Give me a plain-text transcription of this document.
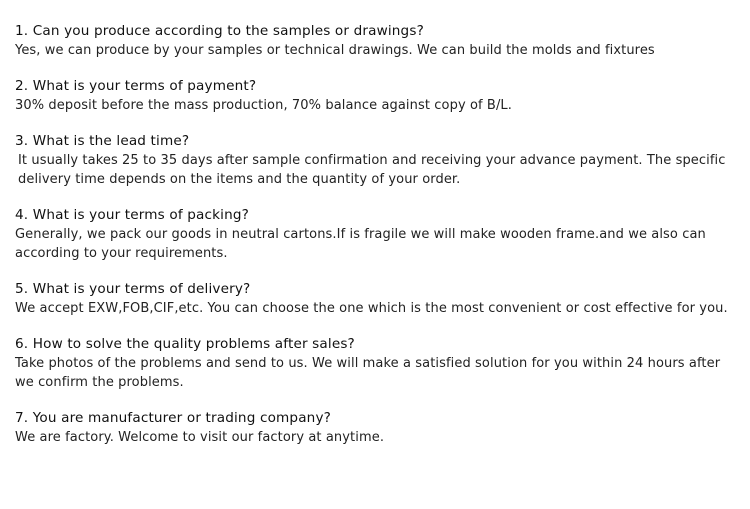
1. Can you produce according to the samples or drawings?
Yes, we can produce by your samples or technical drawings. We can build the molds and fixtures
2. What is your terms of payment?
30% deposit before the mass production, 70% balance against copy of B/L.
3. What is the lead time?
It usually takes 25 to 35 days after sample confirmation and receiving your advance payment. The specific delivery time depends on the items and the quantity of your order.
4. What is your terms of packing?
Generally, we pack our goods in neutral cartons.If is fragile we will make wooden frame.and we also can according to your requirements.
5. What is your terms of delivery?
We accept EXW,FOB,CIF,etc. You can choose the one which is the most convenient or cost effective for you.
6. How to solve the quality problems after sales?
Take photos of the problems and send to us. We will make a satisfied solution for you within 24 hours after we confirm the problems.
7. You are manufacturer or trading company?
We are factory. Welcome to visit our factory at anytime.
